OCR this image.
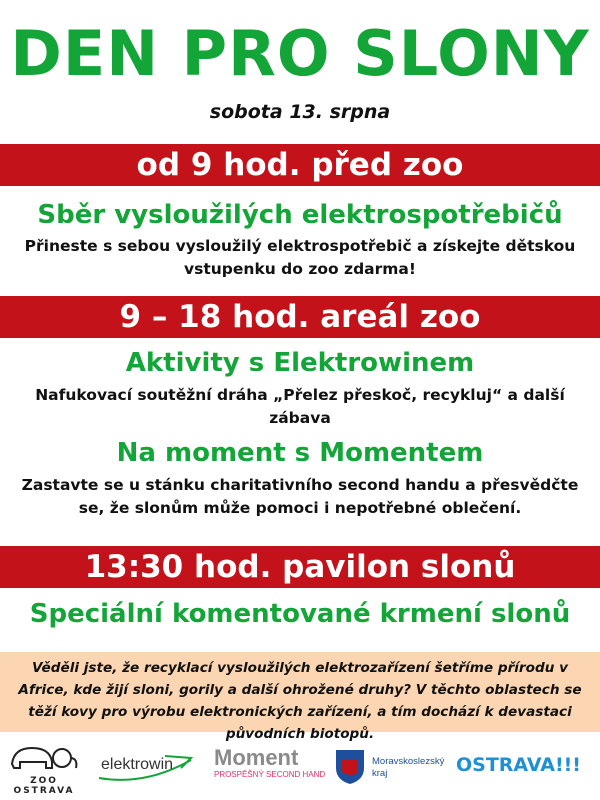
DEN PRO SLONY
sobota 13. srpna
od 9 hod. před zoo
Sběr vysloužilých elektrospotřebičů
Přineste s sebou vysloužilý elektrospotřebič a získejte dětskou vstupenku do zoo zdarma!
9 – 18 hod. areál zoo
Aktivity s Elektrowinem
Nafukovací soutěžní dráha „Přelez přeskoč, recykluj“ a další zábava
Na moment s Momentem
Zastavte se u stánku charitativního second handu a přesvědčte se, že slonům může pomoci i nepotřebné oblečení.
13:30 hod. pavilon slonů
Speciální komentované krmení slonů
Věděli jste, že recyklací vysloužilých elektrozařízení šetříme přírodu v Africe, kde žijí sloni, gorily a další ohrožené druhy? V těchto oblastech se těží kovy pro výrobu elektronických zařízení, a tím dochází k devastaci původních biotopů.
ZOO OSTRAVA
elektrowin Moment
PROSPĚŠNÝ SECOND HAND
Moravskoslezský kraj	OSTRAVA!!!
